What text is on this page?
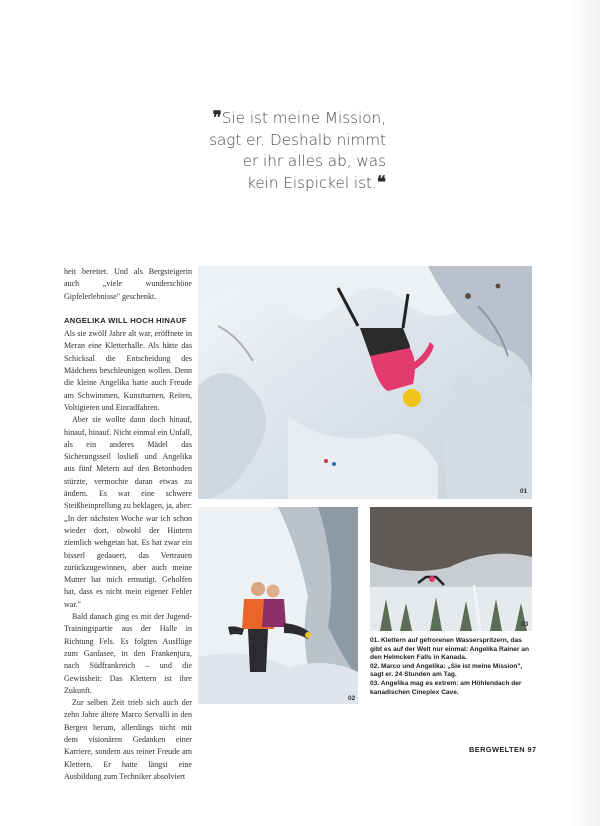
❞Sie ist meine Mission,
sagt er. Deshalb nimmt
er ihr alles ab, was
kein Eispickel ist.❝

heit bereitet. Und als Bergsteigerin auch „viele wunderschöne Gipfelerlebnisse" geschenkt.

ANGELIKA WILL HOCH HINAUF

Als sie zwölf Jahre alt war, eröffnete in Meran eine Kletterhalle. Als hätte das Schicksal die Entscheidung des Mädchens beschleunigen wollen. Denn die kleine Angelika hatte auch Freude am Schwimmen, Kunstturnen, Reiten, Voltigieren und Einradfahren.

Aber sie wollte dann doch hinauf, hinauf, hinauf. Nicht einmal ein Unfall, als ein anderes Mädel das Sicherungsseil losließ und Angelika aus fünf Metern auf den Betonboden stürzte, vermochte daran etwas zu ändern. Es war eine schwere Steißbeinprellung zu beklagen, ja, aber: „In der nächsten Woche war ich schon wieder dort, obwohl der Hintern ziemlich wehgetan hat. Es hat zwar ein bisserl gedauert, das Vertrauen zurückzugewinnen, aber auch meine Mutter hat mich ermutigt. Geholfen hat, dass es nicht mein eigener Fehler war."

Bald danach ging es mit der Jugend-Trainingspartie aus der Halle in Richtung Fels. Es folgten Ausflüge zum Gardasee, in den Frankenjura, nach Südfrankreich – und die Gewissheit: Das Klettern ist ihre Zukunft.

Zur selben Zeit trieb sich auch der zehn Jahre ältere Marco Servalli in den Bergen herum, allerdings nicht mit dem visionären Gedanken einer Karriere, sondern aus reiner Freude am Klettern. Er hatte längst eine Ausbildung zum Techniker absolviert

01
02
03
01. Klettern auf gefrorenen Wasserspritzern, das gibt es auf der Welt nur einmal: Angelika Rainer an den Helmcken Falls in Kanada.
02. Marco und Angelika: „Sie ist meine Mission", sagt er. 24 Stunden am Tag.
03. Angelika mag es extrem: am Höhlendach der kanadischen Cineplex Cave.
BERGWELTEN 97
